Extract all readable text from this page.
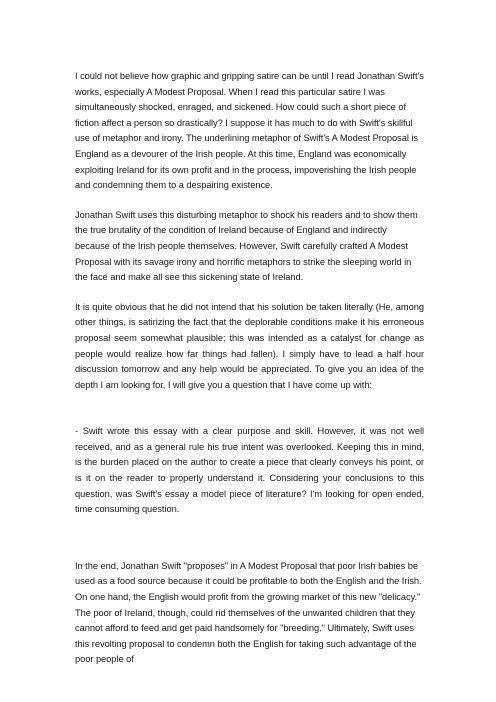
I could not believe how graphic and gripping satire can be until I read Jonathan Swift's works, especially A Modest Proposal. When I read this particular satire I was simultaneously shocked, enraged, and sickened. How could such a short piece of fiction affect a person so drastically? I suppose it has much to do with Swift's skillful use of metaphor and irony. The underlining metaphor of Swift's A Modest Proposal is England as a devourer of the Irish people. At this time, England was economically exploiting Ireland for its own profit and in the process, impoverishing the Irish people and condemning them to a despairing existence.

Jonathan Swift uses this disturbing metaphor to shock his readers and to show them the true brutality of the condition of Ireland because of England and indirectly because of the Irish people themselves. However, Swift carefully crafted A Modest Proposal with its savage irony and horrific metaphors to strike the sleeping world in the face and make all see this sickening state of Ireland.

It is quite obvious that he did not intend that his solution be taken literally (He, among other things, is satirizing the fact that the deplorable conditions make it his erroneous proposal seem somewhat plausible; this was intended as a catalyst for change as people would realize how far things had fallen). I simply have to lead a half hour discussion tomorrow and any help would be appreciated. To give you an idea of the depth I am looking for, I will give you a question that I have come up with:

- Swift wrote this essay with a clear purpose and skill. However, it was not well received, and as a general rule his true intent was overlooked. Keeping this in mind, is the burden placed on the author to create a piece that clearly conveys his point, or is it on the reader to properly understand it. Considering your conclusions to this question, was Swift's essay a model piece of literature? I'm looking for open ended, time consuming question.

In the end, Jonathan Swift "proposes" in A Modest Proposal that poor Irish babies be used as a food source because it could be profitable to both the English and the Irish. On one hand, the English would profit from the growing market of this new "delicacy." The poor of Ireland, though, could rid themselves of the unwanted children that they cannot afford to feed and get paid handsomely for "breeding." Ultimately, Swift uses this revolting proposal to condemn both the English for taking such advantage of the poor people of
